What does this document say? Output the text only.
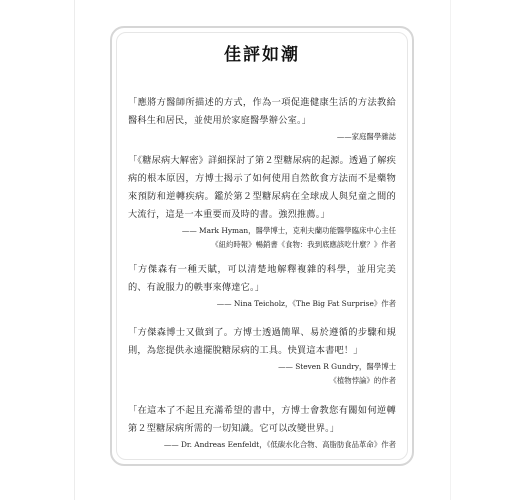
佳評如潮
「應將方醫師所描述的方式，作為一項促進健康生活的方法教給醫科生和居民，並使用於家庭醫學辦公室。」
——家庭醫學雜誌
「《糖尿病大解密》詳細探討了第２型糖尿病的起源。透過了解疾病的根本原因，方博士揭示了如何使用自然飲食方法而不是藥物來預防和逆轉疾病。鑑於第２型糖尿病在全球成人與兒童之間的大流行，這是一本重要而及時的書。強烈推薦。」
—— Mark Hyman，醫學博士，克利夫蘭功能醫學臨床中心主任
《紐約時報》暢銷書《食物：我到底應該吃什麼？》作者
「方傑森有一種天賦，可以清楚地解釋複雜的科學，並用完美的、有說服力的軼事來傳達它。」
—— Nina Teicholz，《The Big Fat Surprise》作者
「方傑森博士又做到了。方博士透過簡單、易於遵循的步驟和規則，為您提供永遠擺脫糖尿病的工具。快買這本書吧！」
—— Steven R Gundry，醫學博士
《植物悖論》的作者
「在這本了不起且充滿希望的書中，方博士會教您有關如何逆轉第２型糖尿病所需的一切知識。它可以改變世界。」
—— Dr. Andreas Eenfeldt，《低碳水化合物、高脂肪食品革命》作者
